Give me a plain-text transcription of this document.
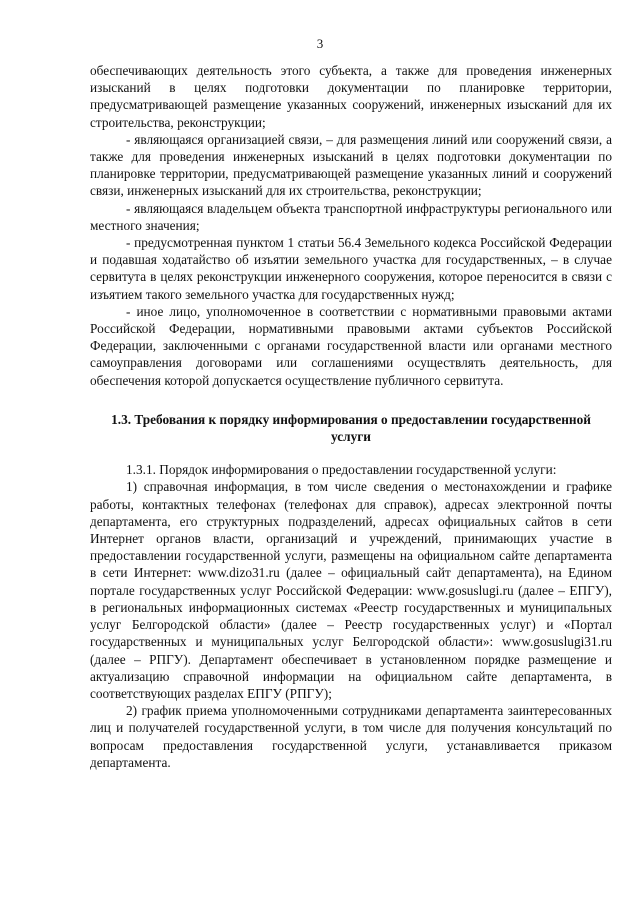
3

обеспечивающих деятельность этого субъекта, а также для проведения инженерных изысканий в целях подготовки документации по планировке территории, предусматривающей размещение указанных сооружений, инженерных изысканий для их строительства, реконструкции;

- являющаяся организацией связи, – для размещения линий или сооружений связи, а также для проведения инженерных изысканий в целях подготовки документации по планировке территории, предусматривающей размещение указанных линий и сооружений связи, инженерных изысканий для их строительства, реконструкции;

- являющаяся владельцем объекта транспортной инфраструктуры регионального или местного значения;

- предусмотренная пунктом 1 статьи 56.4 Земельного кодекса Российской Федерации и подавшая ходатайство об изъятии земельного участка для государственных, – в случае сервитута в целях реконструкции инженерного сооружения, которое переносится в связи с изъятием такого земельного участка для государственных нужд;

- иное лицо, уполномоченное в соответствии с нормативными правовыми актами Российской Федерации, нормативными правовыми актами субъектов Российской Федерации, заключенными с органами государственной власти или органами местного самоуправления договорами или соглашениями осуществлять деятельность, для обеспечения которой допускается осуществление публичного сервитута.

1.3. Требования к порядку информирования о предоставлении государственной услуги

1.3.1. Порядок информирования о предоставлении государственной услуги:

1) справочная информация, в том числе сведения о местонахождении и графике работы, контактных телефонах (телефонах для справок), адресах электронной почты департамента, его структурных подразделений, адресах официальных сайтов в сети Интернет органов власти, организаций и учреждений, принимающих участие в предоставлении государственной услуги, размещены на официальном сайте департамента в сети Интернет: www.dizo31.ru (далее – официальный сайт департамента), на Едином портале государственных услуг Российской Федерации: www.gosuslugi.ru (далее – ЕПГУ), в региональных информационных системах «Реестр государственных и муниципальных услуг Белгородской области» (далее – Реестр государственных услуг) и «Портал государственных и муниципальных услуг Белгородской области»: www.gosuslugi31.ru (далее – РПГУ). Департамент обеспечивает в установленном порядке размещение и актуализацию справочной информации на официальном сайте департамента, в соответствующих разделах ЕПГУ (РПГУ);

2) график приема уполномоченными сотрудниками департамента заинтересованных лиц и получателей государственной услуги, в том числе для получения консультаций по вопросам предоставления государственной услуги, устанавливается приказом департамента.
